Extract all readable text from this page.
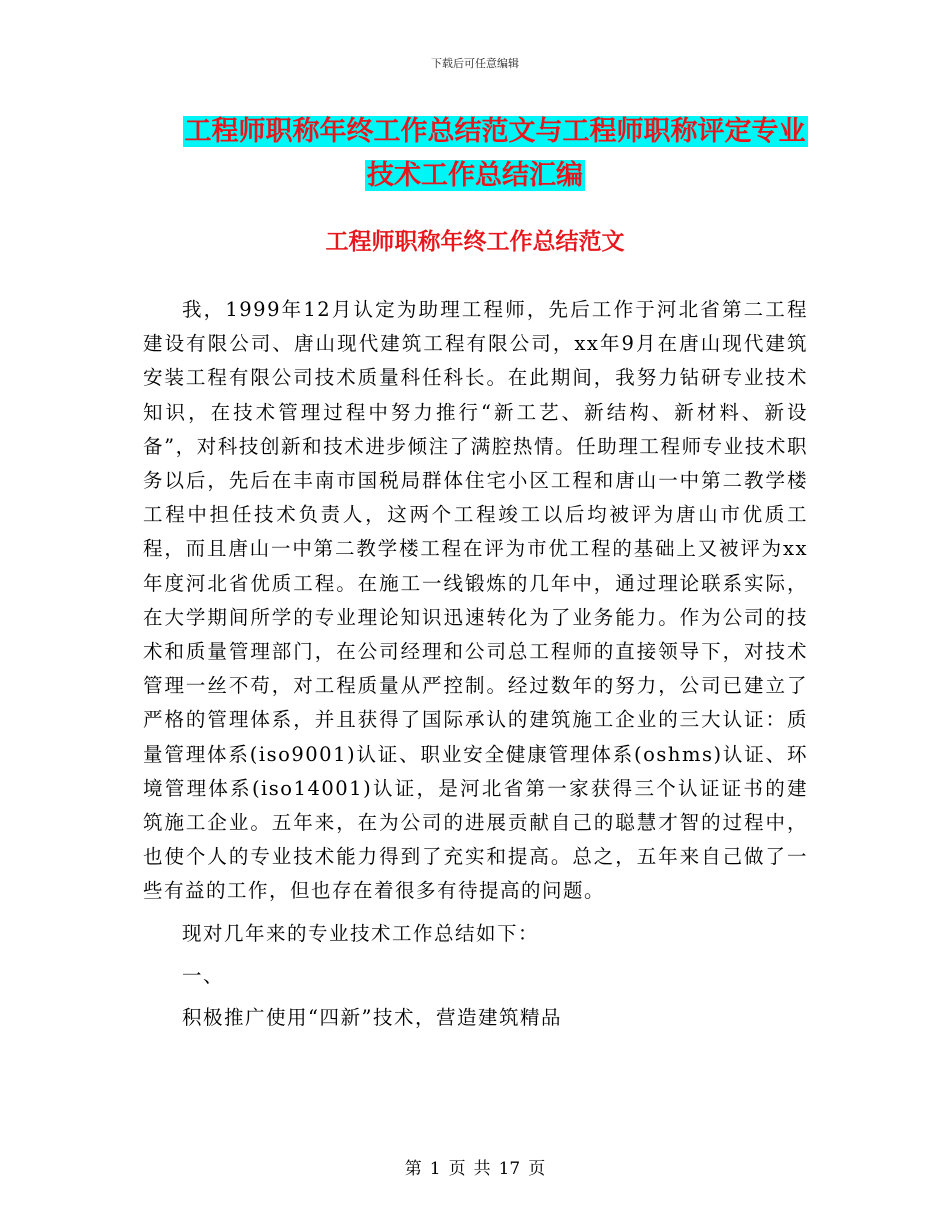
下载后可任意编辑
工程师职称年终工作总结范文与工程师职称评定专业
技术工作总结汇编
工程师职称年终工作总结范文

我，1999年12月认定为助理工程师，先后工作于河北省第二工程建设有限公司、唐山现代建筑工程有限公司，xx年9月在唐山现代建筑安装工程有限公司技术质量科任科长。在此期间，我努力钻研专业技术知识，在技术管理过程中努力推行“新工艺、新结构、新材料、新设备”，对科技创新和技术进步倾注了满腔热情。任助理工程师专业技术职务以后，先后在丰南市国税局群体住宅小区工程和唐山一中第二教学楼工程中担任技术负责人，这两个工程竣工以后均被评为唐山市优质工程，而且唐山一中第二教学楼工程在评为市优工程的基础上又被评为xx年度河北省优质工程。在施工一线锻炼的几年中，通过理论联系实际，在大学期间所学的专业理论知识迅速转化为了业务能力。作为公司的技术和质量管理部门，在公司经理和公司总工程师的直接领导下，对技术管理一丝不苟，对工程质量从严控制。经过数年的努力，公司已建立了严格的管理体系，并且获得了国际承认的建筑施工企业的三大认证：质量管理体系(iso9001)认证、职业安全健康管理体系(oshms)认证、环境管理体系(iso14001)认证，是河北省第一家获得三个认证证书的建筑施工企业。五年来，在为公司的进展贡献自己的聪慧才智的过程中，也使个人的专业技术能力得到了充实和提高。总之，五年来自己做了一些有益的工作，但也存在着很多有待提高的问题。

现对几年来的专业技术工作总结如下：

一、

积极推广使用“四新”技术，营造建筑精品

第 1 页 共 17 页
